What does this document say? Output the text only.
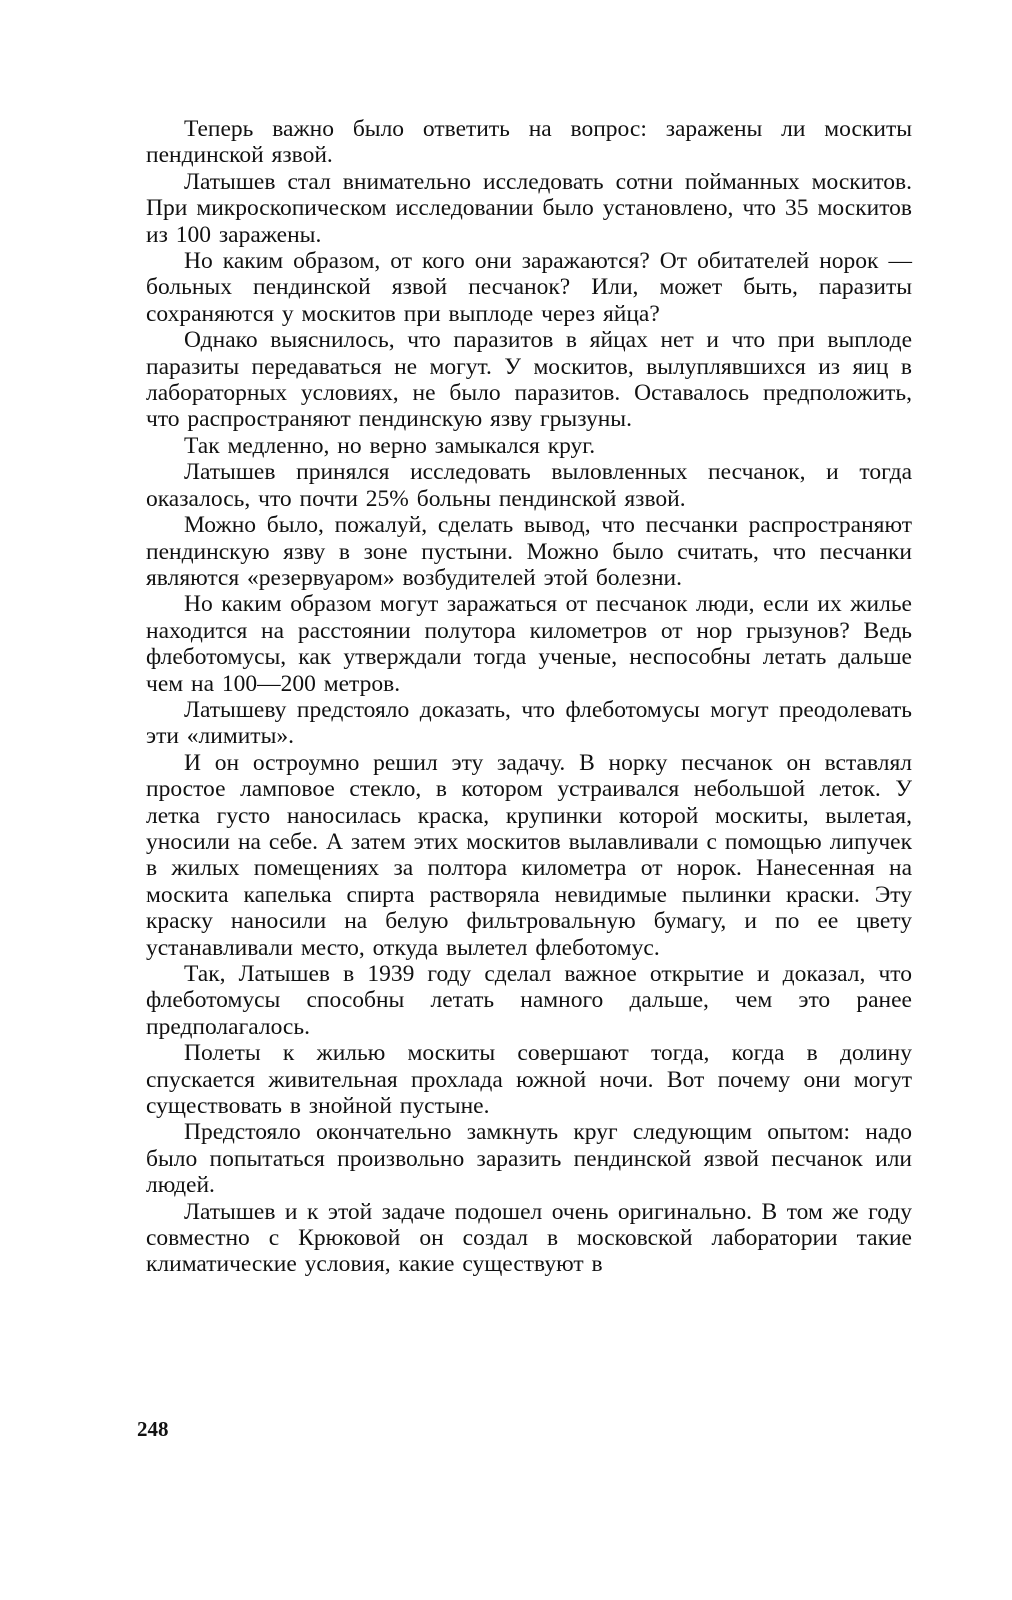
Теперь важно было ответить на вопрос: заражены ли москиты пендинской язвой.

Латышев стал внимательно исследовать сотни пойманных москитов. При микроскопическом исследовании было установлено, что 35 москитов из 100 заражены.

Но каким образом, от кого они заражаются? От обитателей норок — больных пендинской язвой песчанок? Или, может быть, паразиты сохраняются у москитов при выплоде через яйца?

Однако выяснилось, что паразитов в яйцах нет и что при выплоде паразиты передаваться не могут. У москитов, вылуплявшихся из яиц в лабораторных условиях, не было паразитов. Оставалось предположить, что распространяют пендинскую язву грызуны.

Так медленно, но верно замыкался круг.

Латышев принялся исследовать выловленных песчанок, и тогда оказалось, что почти 25% больны пендинской язвой.

Можно было, пожалуй, сделать вывод, что песчанки распространяют пендинскую язву в зоне пустыни. Можно было считать, что песчанки являются «резервуаром» возбудителей этой болезни.

Но каким образом могут заражаться от песчанок люди, если их жилье находится на расстоянии полутора километров от нор грызунов? Ведь флеботомусы, как утверждали тогда ученые, неспособны летать дальше чем на 100—200 метров.

Латышеву предстояло доказать, что флеботомусы могут преодолевать эти «лимиты».

И он остроумно решил эту задачу. В норку песчанок он вставлял простое ламповое стекло, в котором устраивался небольшой леток. У летка густо наносилась краска, крупинки которой москиты, вылетая, уносили на себе. А затем этих москитов вылавливали с помощью липучек в жилых помещениях за полтора километра от норок. Нанесенная на москита капелька спирта растворяла невидимые пылинки краски. Эту краску наносили на белую фильтровальную бумагу, и по ее цвету устанавливали место, откуда вылетел флеботомус.

Так, Латышев в 1939 году сделал важное открытие и доказал, что флеботомусы способны летать намного дальше, чем это ранее предполагалось.

Полеты к жилью москиты совершают тогда, когда в долину спускается живительная прохлада южной ночи. Вот почему они могут существовать в знойной пустыне.

Предстояло окончательно замкнуть круг следующим опытом: надо было попытаться произвольно заразить пендинской язвой песчанок или людей.

Латышев и к этой задаче подошел очень оригинально. В том же году совместно с Крюковой он создал в московской лаборатории такие климатические условия, какие существуют в

248
